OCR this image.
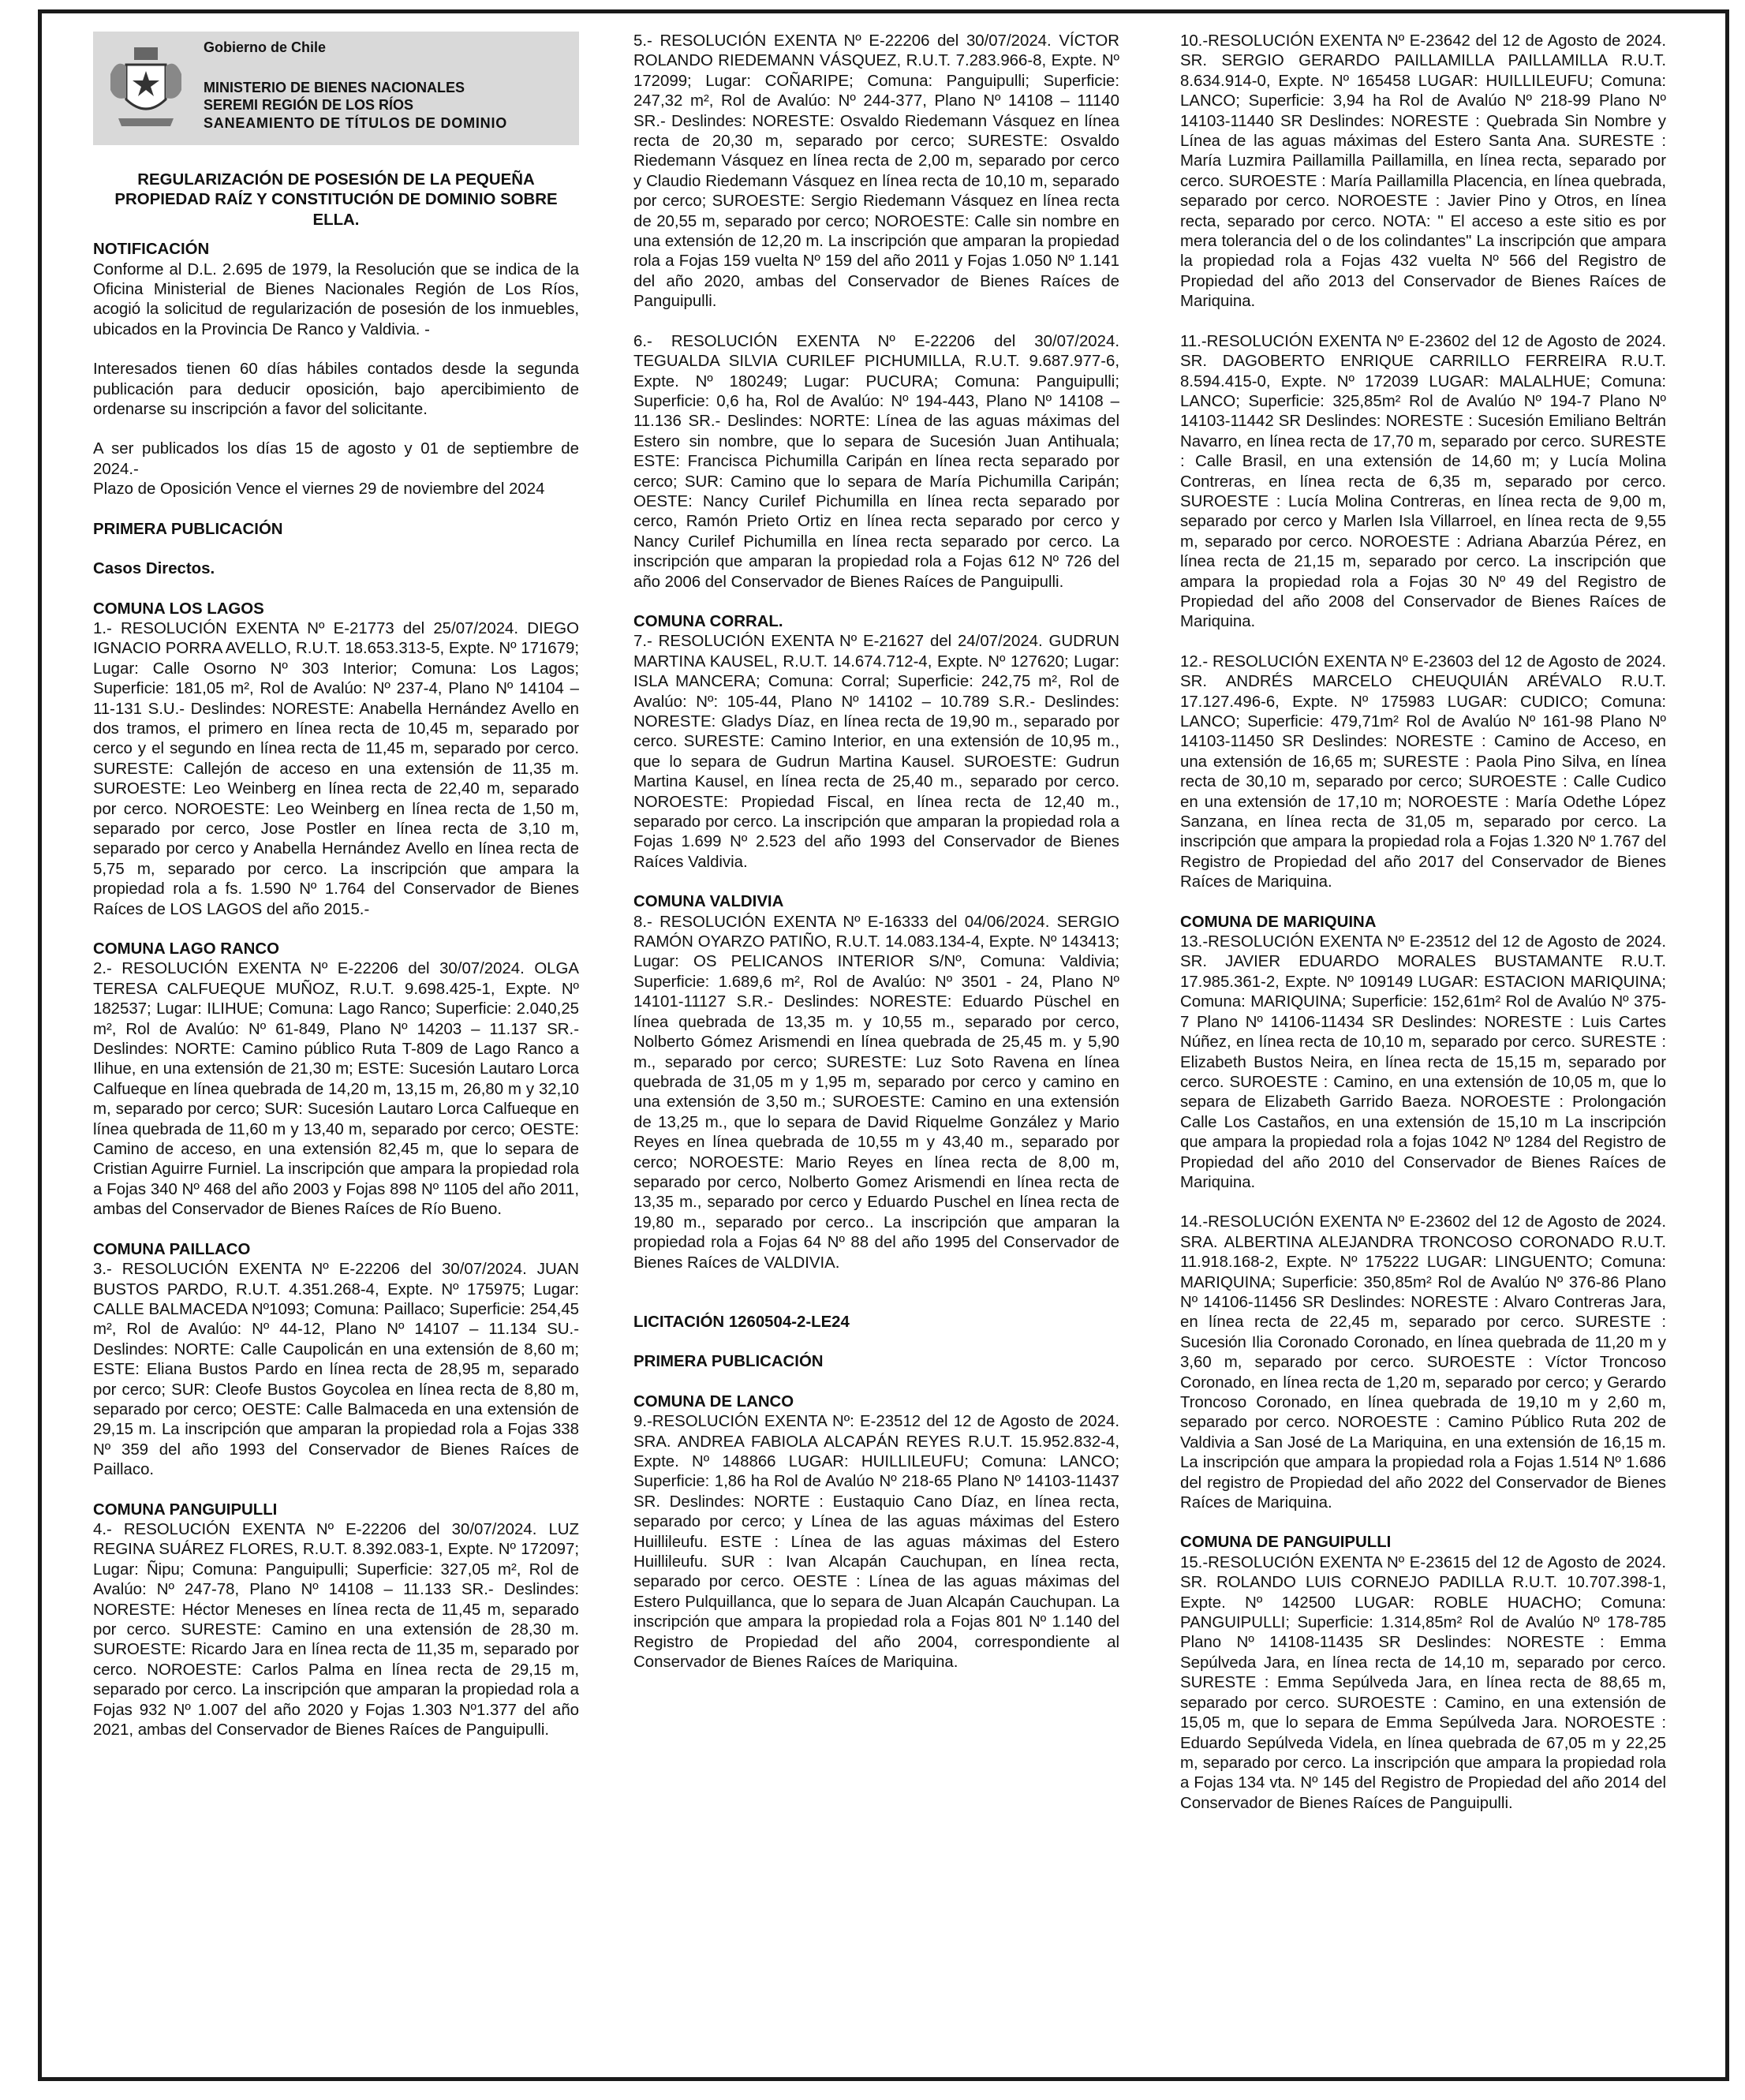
Gobierno de Chile
MINISTERIO DE BIENES NACIONALES
SEREMI REGIÓN DE LOS RÍOS
SANEAMIENTO DE TÍTULOS DE DOMINIO

REGULARIZACIÓN DE POSESIÓN DE LA PEQUEÑA

PROPIEDAD RAÍZ Y CONSTITUCIÓN DE DOMINIO SOBRE ELLA.

NOTIFICACIÓN

Conforme al D.L. 2.695 de 1979, la Resolución que se indica de la Oficina Ministerial de Bienes Nacionales Región de Los Ríos, acogió la solicitud de regularización de posesión de los inmuebles, ubicados en la Provincia De Ranco y Valdivia. -

Interesados tienen 60 días hábiles contados desde la segunda publicación para deducir oposición, bajo apercibimiento de ordenarse su inscripción a favor del solicitante.

A ser publicados los días 15 de agosto y 01 de septiembre de 2024.-

Plazo de Oposición Vence el viernes 29 de noviembre del 2024

PRIMERA PUBLICACIÓN

Casos Directos.

COMUNA LOS LAGOS

1.- RESOLUCIÓN EXENTA Nº E-21773 del 25/07/2024. DIEGO IGNACIO PORRA AVELLO, R.U.T. 18.653.313-5, Expte. Nº 171679; Lugar: Calle Osorno Nº 303 Interior; Comuna: Los Lagos; Superficie: 181,05 m², Rol de Avalúo: Nº 237-4, Plano Nº 14104 – 11-131 S.U.- Deslindes: NORESTE: Anabella Hernández Avello en dos tramos, el primero en línea recta de 10,45 m, separado por cerco y el segundo en línea recta de 11,45 m, separado por cerco. SURESTE: Callejón de acceso en una extensión de 11,35 m. SUROESTE: Leo Weinberg en línea recta de 22,40 m, separado por cerco. NOROESTE: Leo Weinberg en línea recta de 1,50 m, separado por cerco, Jose Postler en línea recta de 3,10 m, separado por cerco y Anabella Hernández Avello en línea recta de 5,75 m, separado por cerco. La inscripción que ampara la propiedad rola a fs. 1.590 Nº 1.764 del Conservador de Bienes Raíces de LOS LAGOS del año 2015.-

COMUNA LAGO RANCO

2.- RESOLUCIÓN EXENTA Nº E-22206 del 30/07/2024. OLGA TERESA CALFUEQUE MUÑOZ, R.U.T. 9.698.425-1, Expte. Nº 182537; Lugar: ILIHUE; Comuna: Lago Ranco; Superficie: 2.040,25 m², Rol de Avalúo: Nº 61-849, Plano Nº 14203 – 11.137 SR.- Deslindes: NORTE: Camino público Ruta T-809 de Lago Ranco a Ilihue, en una extensión de 21,30 m; ESTE: Sucesión Lautaro Lorca Calfueque en línea quebrada de 14,20 m, 13,15 m, 26,80 m y 32,10 m, separado por cerco; SUR: Sucesión Lautaro Lorca Calfueque en línea quebrada de 11,60 m y 13,40 m, separado por cerco; OESTE: Camino de acceso, en una extensión 82,45 m, que lo separa de Cristian Aguirre Furniel. La inscripción que ampara la propiedad rola a Fojas 340 Nº 468 del año 2003 y Fojas 898 Nº 1105 del año 2011, ambas del Conservador de Bienes Raíces de Río Bueno.

COMUNA PAILLACO

3.- RESOLUCIÓN EXENTA Nº E-22206 del 30/07/2024. JUAN BUSTOS PARDO, R.U.T. 4.351.268-4, Expte. Nº 175975; Lugar: CALLE BALMACEDA Nº1093; Comuna: Paillaco; Superficie: 254,45 m², Rol de Avalúo: Nº 44-12, Plano Nº 14107 – 11.134 SU.- Deslindes: NORTE: Calle Caupolicán en una extensión de 8,60 m; ESTE: Eliana Bustos Pardo en línea recta de 28,95 m, separado por cerco; SUR: Cleofe Bustos Goycolea en línea recta de 8,80 m, separado por cerco; OESTE: Calle Balmaceda en una extensión de 29,15 m. La inscripción que amparan la propiedad rola a Fojas 338 Nº 359 del año 1993 del Conservador de Bienes Raíces de Paillaco.

COMUNA PANGUIPULLI

4.- RESOLUCIÓN EXENTA Nº E-22206 del 30/07/2024. LUZ REGINA SUÁREZ FLORES, R.U.T. 8.392.083-1, Expte. Nº 172097; Lugar: Ñipu; Comuna: Panguipulli; Superficie: 327,05 m², Rol de Avalúo: Nº 247-78, Plano Nº 14108 – 11.133 SR.- Deslindes: NORESTE: Héctor Meneses en línea recta de 11,45 m, separado por cerco. SURESTE: Camino en una extensión de 28,30 m. SUROESTE: Ricardo Jara en línea recta de 11,35 m, separado por cerco. NOROESTE: Carlos Palma en línea recta de 29,15 m, separado por cerco. La inscripción que amparan la propiedad rola a Fojas 932 Nº 1.007 del año 2020 y Fojas 1.303 Nº1.377 del año 2021, ambas del Conservador de Bienes Raíces de Panguipulli.

5.- RESOLUCIÓN EXENTA Nº E-22206 del 30/07/2024. VÍCTOR ROLANDO RIEDEMANN VÁSQUEZ, R.U.T. 7.283.966-8, Expte. Nº 172099; Lugar: COÑARIPE; Comuna: Panguipulli; Superficie: 247,32 m², Rol de Avalúo: Nº 244-377, Plano Nº 14108 – 11140 SR.- Deslindes: NORESTE: Osvaldo Riedemann Vásquez en línea recta de 20,30 m, separado por cerco; SURESTE: Osvaldo Riedemann Vásquez en línea recta de 2,00 m, separado por cerco y Claudio Riedemann Vásquez en línea recta de 10,10 m, separado por cerco; SUROESTE: Sergio Riedemann Vásquez en línea recta de 20,55 m, separado por cerco; NOROESTE: Calle sin nombre en una extensión de 12,20 m. La inscripción que amparan la propiedad rola a Fojas 159 vuelta Nº 159 del año 2011 y Fojas 1.050 Nº 1.141 del año 2020, ambas del Conservador de Bienes Raíces de Panguipulli.

6.- RESOLUCIÓN EXENTA Nº E-22206 del 30/07/2024. TEGUALDA SILVIA CURILEF PICHUMILLA, R.U.T. 9.687.977-6, Expte. Nº 180249; Lugar: PUCURA; Comuna: Panguipulli; Superficie: 0,6 ha, Rol de Avalúo: Nº 194-443, Plano Nº 14108 – 11.136 SR.- Deslindes: NORTE: Línea de las aguas máximas del Estero sin nombre, que lo separa de Sucesión Juan Antihuala; ESTE: Francisca Pichumilla Caripán en línea recta separado por cerco; SUR: Camino que lo separa de María Pichumilla Caripán; OESTE: Nancy Curilef Pichumilla en línea recta separado por cerco, Ramón Prieto Ortiz en línea recta separado por cerco y Nancy Curilef Pichumilla en línea recta separado por cerco. La inscripción que amparan la propiedad rola a Fojas 612 Nº 726 del año 2006 del Conservador de Bienes Raíces de Panguipulli.

COMUNA CORRAL.

7.- RESOLUCIÓN EXENTA Nº E-21627 del 24/07/2024. GUDRUN MARTINA KAUSEL, R.U.T. 14.674.712-4, Expte. Nº 127620; Lugar: ISLA MANCERA; Comuna: Corral; Superficie: 242,75 m², Rol de Avalúo: Nº: 105-44, Plano Nº 14102 – 10.789 S.R.- Deslindes: NORESTE: Gladys Díaz, en línea recta de 19,90 m., separado por cerco. SURESTE: Camino Interior, en una extensión de 10,95 m., que lo separa de Gudrun Martina Kausel. SUROESTE: Gudrun Martina Kausel, en línea recta de 25,40 m., separado por cerco. NOROESTE: Propiedad Fiscal, en línea recta de 12,40 m., separado por cerco. La inscripción que amparan la propiedad rola a Fojas 1.699 Nº 2.523 del año 1993 del Conservador de Bienes Raíces Valdivia.

COMUNA VALDIVIA

8.- RESOLUCIÓN EXENTA Nº E-16333 del 04/06/2024. SERGIO RAMÓN OYARZO PATIÑO, R.U.T. 14.083.134-4, Expte. Nº 143413; Lugar: OS PELICANOS INTERIOR S/Nº, Comuna: Valdivia; Superficie: 1.689,6 m², Rol de Avalúo: Nº 3501 - 24, Plano Nº 14101-11127 S.R.- Deslindes: NORESTE: Eduardo Püschel en línea quebrada de 13,35 m. y 10,55 m., separado por cerco, Nolberto Gómez Arismendi en línea quebrada de 25,45 m. y 5,90 m., separado por cerco; SURESTE: Luz Soto Ravena en línea quebrada de 31,05 m y 1,95 m, separado por cerco y camino en una extensión de 3,50 m.; SUROESTE: Camino en una extensión de 13,25 m., que lo separa de David Riquelme González y Mario Reyes en línea quebrada de 10,55 m y 43,40 m., separado por cerco; NOROESTE: Mario Reyes en línea recta de 8,00 m, separado por cerco, Nolberto Gomez Arismendi en línea recta de 13,35 m., separado por cerco y Eduardo Puschel en línea recta de 19,80 m., separado por cerco.. La inscripción que amparan la propiedad rola a Fojas 64 Nº 88 del año 1995 del Conservador de Bienes Raíces de VALDIVIA.

LICITACIÓN 1260504-2-LE24

PRIMERA PUBLICACIÓN

COMUNA DE LANCO

9.-RESOLUCIÓN EXENTA Nº: E-23512 del 12 de Agosto de 2024. SRA. ANDREA FABIOLA ALCAPÁN REYES R.U.T. 15.952.832-4, Expte. Nº 148866 LUGAR: HUILLILEUFU; Comuna: LANCO; Superficie: 1,86 ha Rol de Avalúo Nº 218-65 Plano Nº 14103-11437 SR. Deslindes: NORTE : Eustaquio Cano Díaz, en línea recta, separado por cerco; y Línea de las aguas máximas del Estero Huillileufu. ESTE : Línea de las aguas máximas del Estero Huillileufu. SUR : Ivan Alcapán Cauchupan, en línea recta, separado por cerco. OESTE : Línea de las aguas máximas del Estero Pulquillanca, que lo separa de Juan Alcapán Cauchupan. La inscripción que ampara la propiedad rola a Fojas 801 Nº 1.140 del Registro de Propiedad del año 2004, correspondiente al Conservador de Bienes Raíces de Mariquina.

10.-RESOLUCIÓN EXENTA Nº E-23642 del 12 de Agosto de 2024. SR. SERGIO GERARDO PAILLAMILLA PAILLAMILLA R.U.T. 8.634.914-0, Expte. Nº 165458 LUGAR: HUILLILEUFU; Comuna: LANCO; Superficie: 3,94 ha Rol de Avalúo Nº 218-99 Plano Nº 14103-11440 SR Deslindes: NORESTE : Quebrada Sin Nombre y Línea de las aguas máximas del Estero Santa Ana. SURESTE : María Luzmira Paillamilla Paillamilla, en línea recta, separado por cerco. SUROESTE : María Paillamilla Placencia, en línea quebrada, separado por cerco. NOROESTE : Javier Pino y Otros, en línea recta, separado por cerco. NOTA: " El acceso a este sitio es por mera tolerancia del o de los colindantes" La inscripción que ampara la propiedad rola a Fojas 432 vuelta Nº 566 del Registro de Propiedad del año 2013 del Conservador de Bienes Raíces de Mariquina.

11.-RESOLUCIÓN EXENTA Nº E-23602 del 12 de Agosto de 2024. SR. DAGOBERTO ENRIQUE CARRILLO FERREIRA R.U.T. 8.594.415-0, Expte. Nº 172039 LUGAR: MALALHUE; Comuna: LANCO; Superficie: 325,85m² Rol de Avalúo Nº 194-7 Plano Nº 14103-11442 SR Deslindes: NORESTE : Sucesión Emiliano Beltrán Navarro, en línea recta de 17,70 m, separado por cerco. SURESTE : Calle Brasil, en una extensión de 14,60 m; y Lucía Molina Contreras, en línea recta de 6,35 m, separado por cerco. SUROESTE : Lucía Molina Contreras, en línea recta de 9,00 m, separado por cerco y Marlen Isla Villarroel, en línea recta de 9,55 m, separado por cerco. NOROESTE : Adriana Abarzúa Pérez, en línea recta de 21,15 m, separado por cerco. La inscripción que ampara la propiedad rola a Fojas 30 Nº 49 del Registro de Propiedad del año 2008 del Conservador de Bienes Raíces de Mariquina.

12.- RESOLUCIÓN EXENTA Nº E-23603 del 12 de Agosto de 2024. SR. ANDRÉS MARCELO CHEUQUIÁN ARÉVALO R.U.T. 17.127.496-6, Expte. Nº 175983 LUGAR: CUDICO; Comuna: LANCO; Superficie: 479,71m² Rol de Avalúo Nº 161-98 Plano Nº 14103-11450 SR Deslindes: NORESTE : Camino de Acceso, en una extensión de 16,65 m; SURESTE : Paola Pino Silva, en línea recta de 30,10 m, separado por cerco; SUROESTE : Calle Cudico en una extensión de 17,10 m; NOROESTE : María Odethe López Sanzana, en línea recta de 31,05 m, separado por cerco. La inscripción que ampara la propiedad rola a Fojas 1.320 Nº 1.767 del Registro de Propiedad del año 2017 del Conservador de Bienes Raíces de Mariquina.

COMUNA DE MARIQUINA

13.-RESOLUCIÓN EXENTA Nº E-23512 del 12 de Agosto de 2024. SR. JAVIER EDUARDO MORALES BUSTAMANTE R.U.T. 17.985.361-2, Expte. Nº 109149 LUGAR: ESTACION MARIQUINA; Comuna: MARIQUINA; Superficie: 152,61m² Rol de Avalúo Nº 375-7 Plano Nº 14106-11434 SR Deslindes: NORESTE : Luis Cartes Núñez, en línea recta de 10,10 m, separado por cerco. SURESTE : Elizabeth Bustos Neira, en línea recta de 15,15 m, separado por cerco. SUROESTE : Camino, en una extensión de 10,05 m, que lo separa de Elizabeth Garrido Baeza. NOROESTE : Prolongación Calle Los Castaños, en una extensión de 15,10 m La inscripción que ampara la propiedad rola a fojas 1042 Nº 1284 del Registro de Propiedad del año 2010 del Conservador de Bienes Raíces de Mariquina.

14.-RESOLUCIÓN EXENTA Nº E-23602 del 12 de Agosto de 2024. SRA. ALBERTINA ALEJANDRA TRONCOSO CORONADO R.U.T. 11.918.168-2, Expte. Nº 175222 LUGAR: LINGUENTO; Comuna: MARIQUINA; Superficie: 350,85m² Rol de Avalúo Nº 376-86 Plano Nº 14106-11456 SR Deslindes: NORESTE : Alvaro Contreras Jara, en línea recta de 22,45 m, separado por cerco. SURESTE : Sucesión Ilia Coronado Coronado, en línea quebrada de 11,20 m y 3,60 m, separado por cerco. SUROESTE : Víctor Troncoso Coronado, en línea recta de 1,20 m, separado por cerco; y Gerardo Troncoso Coronado, en línea quebrada de 19,10 m y 2,60 m, separado por cerco. NOROESTE : Camino Público Ruta 202 de Valdivia a San José de La Mariquina, en una extensión de 16,15 m. La inscripción que ampara la propiedad rola a Fojas 1.514 Nº 1.686 del registro de Propiedad del año 2022 del Conservador de Bienes Raíces de Mariquina.

COMUNA DE PANGUIPULLI

15.-RESOLUCIÓN EXENTA Nº E-23615 del 12 de Agosto de 2024. SR. ROLANDO LUIS CORNEJO PADILLA R.U.T. 10.707.398-1, Expte. Nº 142500 LUGAR: ROBLE HUACHO; Comuna: PANGUIPULLI; Superficie: 1.314,85m² Rol de Avalúo Nº 178-785 Plano Nº 14108-11435 SR Deslindes: NORESTE : Emma Sepúlveda Jara, en línea recta de 14,10 m, separado por cerco. SURESTE : Emma Sepúlveda Jara, en línea recta de 88,65 m, separado por cerco. SUROESTE : Camino, en una extensión de 15,05 m, que lo separa de Emma Sepúlveda Jara. NOROESTE : Eduardo Sepúlveda Videla, en línea quebrada de 67,05 m y 22,25 m, separado por cerco. La inscripción que ampara la propiedad rola a Fojas 134 vta. Nº 145 del Registro de Propiedad del año 2014 del Conservador de Bienes Raíces de Panguipulli.
